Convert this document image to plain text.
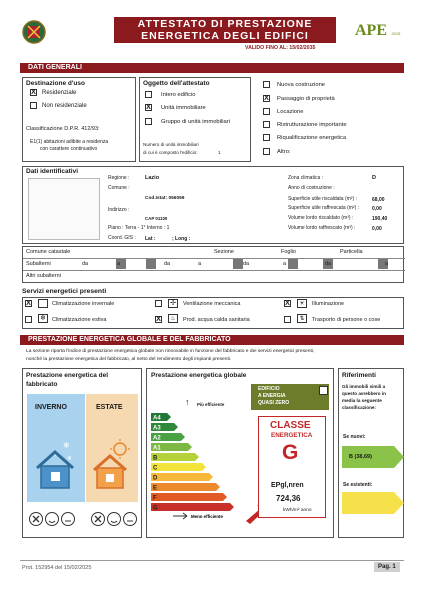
ATTESTATO DI PRESTAZIONE
ENERGETICA DEGLI EDIFICI
VALIDO FINO AL: 15/02/2035
APE 2015
DATI GENERALI
Destinazione d'uso
X Residenziale
Non residenziale
Classificazione D.P.R. 412/93:
E1(1) abitazioni adibite a residenza
con carattere continuativo
Oggetto dell'attestato
Intero edificio
X Unità immobiliare
Gruppo di unità immobiliari
Numero di unità immobiliari
di cui è composto l'edificio:	1
Nuova costruzione
X Passaggio di proprietà
Locazione
Ristrutturazione importante
Riqualificazione energetica
Altro:
Dati identificativi
Regione :	Lazio
Comune :
Cod.Istat: 056059
Indirizzo :
CAP 01100
Piano : Terra - 1° Interno : 1
Coord. GIS : Lat :	; Long :
Zona climatica :	D
Anno di costruzione :
Superficie utile riscaldata (m²) :	68,00
Superficie utile raffrescata (m²) :	0,00
Volume lordo riscaldato (m³) :	190,40
Volume lordo raffrescato (m³) :	0,00
Comune catastale	Sezione	Foglio	Particella
Subalterni	da	a	da	a	da	a	da	a
Altri subalterni
Servizi energetici presenti
X	Climatizzazione invernale
❄	Climatizzazione estiva
✢	Ventilazione meccanica
X	♨	Prod. acqua calda sanitaria
X	☀	Illuminazione
⇅	Trasporto di persone o cose
PRESTAZIONE ENERGETICA GLOBALE E DEL FABBRICATO
La sezione riporta l'indice di prestazione energetica globale non rinnovabile in funzione del fabbricato e dei servizi energetici presenti,
nonché la prestazione energetica del fabbricato, al netto del rendimento degli impianti presenti.
Prestazione energetica del
fabbricato
INVERNO	ESTATE
❄
❄
❄
Prestazione energetica globale
↑ Più efficiente
A4
A3
A2
A1
B
C
D
E
F
G
Meno efficiente
EDIFICIO
A ENERGIA
QUASI ZERO
CLASSE
ENERGETICA
G
EPgl,nren
724,36
kWh/m² anno
Riferimenti
Gli immobili simili a
questo avrebbero in
media la seguente
classificazione:
Se nuovi:
B (38,69)
Se esistenti:
Prot. 152954 del 15/02/2025	Pag. 1
